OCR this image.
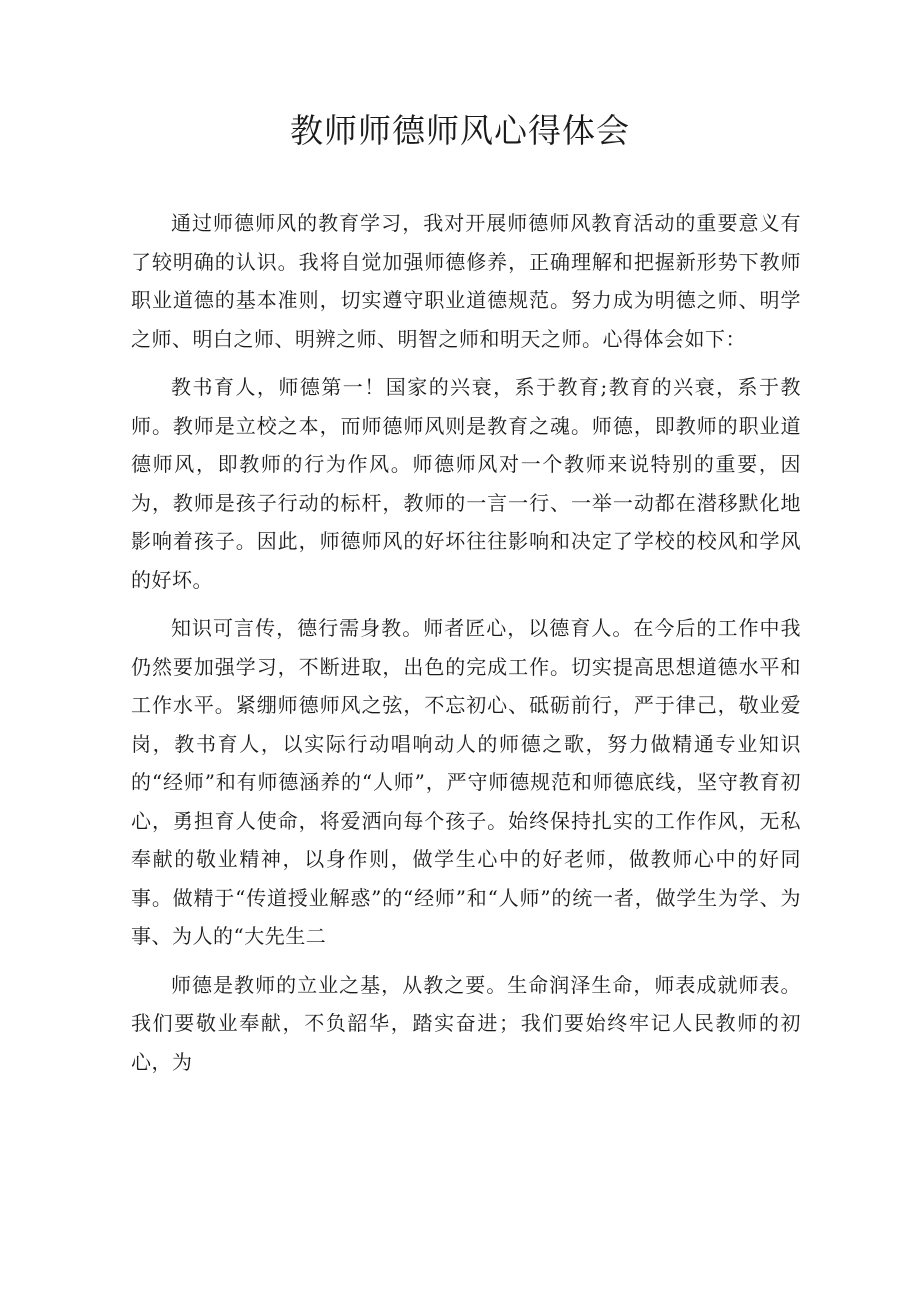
教师师德师风心得体会

通过师德师风的教育学习，我对开展师德师风教育活动的重要意义有了较明确的认识。我将自觉加强师德修养，正确理解和把握新形势下教师职业道德的基本准则，切实遵守职业道德规范。努力成为明德之师、明学之师、明白之师、明辨之师、明智之师和明天之师。心得体会如下：

教书育人，师德第一！国家的兴衰，系于教育;教育的兴衰，系于教师。教师是立校之本，而师德师风则是教育之魂。师德，即教师的职业道德师风，即教师的行为作风。师德师风对一个教师来说特别的重要，因为，教师是孩子行动的标杆，教师的一言一行、一举一动都在潜移默化地影响着孩子。因此，师德师风的好坏往往影响和决定了学校的校风和学风的好坏。

知识可言传，德行需身教。师者匠心，以德育人。在今后的工作中我仍然要加强学习，不断进取，出色的完成工作。切实提高思想道德水平和工作水平。紧绷师德师风之弦，不忘初心、砥砺前行，严于律己，敬业爱岗，教书育人，以实际行动唱响动人的师德之歌，努力做精通专业知识的“经师”和有师德涵养的“人师”，严守师德规范和师德底线，坚守教育初心，勇担育人使命，将爱洒向每个孩子。始终保持扎实的工作作风，无私奉献的敬业精神，以身作则，做学生心中的好老师，做教师心中的好同事。做精于“传道授业解惑”的“经师”和“人师”的统一者，做学生为学、为事、为人的“大先生二

师德是教师的立业之基，从教之要。生命润泽生命，师表成就师表。我们要敬业奉献，不负韶华，踏实奋进；我们要始终牢记人民教师的初心，为
